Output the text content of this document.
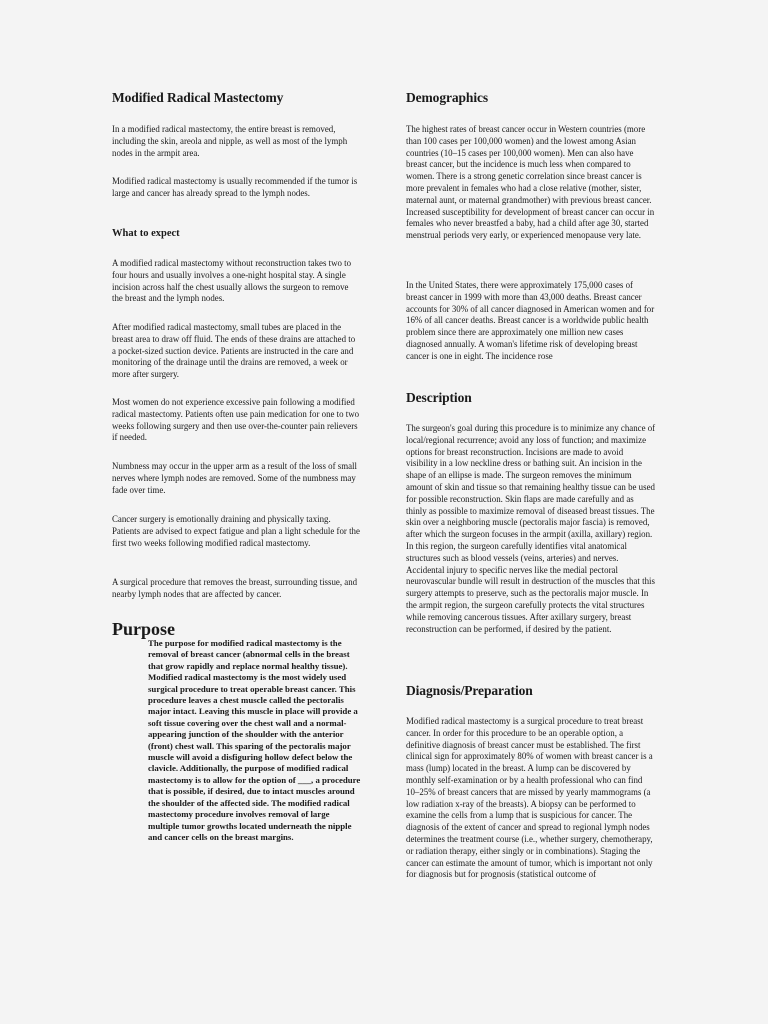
Modified Radical Mastectomy

In a modified radical mastectomy, the entire breast is removed, including the skin, areola and nipple, as well as most of the lymph nodes in the armpit area.

Modified radical mastectomy is usually recommended if the tumor is large and cancer has already spread to the lymph nodes.

What to expect

A modified radical mastectomy without reconstruction takes two to four hours and usually involves a one-night hospital stay. A single incision across half the chest usually allows the surgeon to remove the breast and the lymph nodes.

After modified radical mastectomy, small tubes are placed in the breast area to draw off fluid. The ends of these drains are attached to a pocket-sized suction device. Patients are instructed in the care and monitoring of the drainage until the drains are removed, a week or more after surgery.

Most women do not experience excessive pain following a modified radical mastectomy. Patients often use pain medication for one to two weeks following surgery and then use over-the-counter pain relievers if needed.

Numbness may occur in the upper arm as a result of the loss of small nerves where lymph nodes are removed. Some of the numbness may fade over time.

Cancer surgery is emotionally draining and physically taxing. Patients are advised to expect fatigue and plan a light schedule for the first two weeks following modified radical mastectomy.

A surgical procedure that removes the breast, surrounding tissue, and nearby lymph nodes that are affected by cancer.

Purpose

The purpose for modified radical mastectomy is the removal of breast cancer (abnormal cells in the breast that grow rapidly and replace normal healthy tissue). Modified radical mastectomy is the most widely used surgical procedure to treat operable breast cancer. This procedure leaves a chest muscle called the pectoralis major intact. Leaving this muscle in place will provide a soft tissue covering over the chest wall and a normal-appearing junction of the shoulder with the anterior (front) chest wall. This sparing of the pectoralis major muscle will avoid a disfiguring hollow defect below the clavicle. Additionally, the purpose of modified radical mastectomy is to allow for the option of ___, a procedure that is possible, if desired, due to intact muscles around the shoulder of the affected side. The modified radical mastectomy procedure involves removal of large multiple tumor growths located underneath the nipple and cancer cells on the breast margins.

Demographics

The highest rates of breast cancer occur in Western countries (more than 100 cases per 100,000 women) and the lowest among Asian countries (10–15 cases per 100,000 women). Men can also have breast cancer, but the incidence is much less when compared to women. There is a strong genetic correlation since breast cancer is more prevalent in females who had a close relative (mother, sister, maternal aunt, or maternal grandmother) with previous breast cancer. Increased susceptibility for development of breast cancer can occur in females who never breastfed a baby, had a child after age 30, started menstrual periods very early, or experienced menopause very late.

In the United States, there were approximately 175,000 cases of breast cancer in 1999 with more than 43,000 deaths. Breast cancer accounts for 30% of all cancer diagnosed in American women and for 16% of all cancer deaths. Breast cancer is a worldwide public health problem since there are approximately one million new cases diagnosed annually. A woman's lifetime risk of developing breast cancer is one in eight. The incidence rose

Description

The surgeon's goal during this procedure is to minimize any chance of local/regional recurrence; avoid any loss of function; and maximize options for breast reconstruction. Incisions are made to avoid visibility in a low neckline dress or bathing suit. An incision in the shape of an ellipse is made. The surgeon removes the minimum amount of skin and tissue so that remaining healthy tissue can be used for possible reconstruction. Skin flaps are made carefully and as thinly as possible to maximize removal of diseased breast tissues. The skin over a neighboring muscle (pectoralis major fascia) is removed, after which the surgeon focuses in the armpit (axilla, axillary) region. In this region, the surgeon carefully identifies vital anatomical structures such as blood vessels (veins, arteries) and nerves. Accidental injury to specific nerves like the medial pectoral neurovascular bundle will result in destruction of the muscles that this surgery attempts to preserve, such as the pectoralis major muscle. In the armpit region, the surgeon carefully protects the vital structures while removing cancerous tissues. After axillary surgery, breast reconstruction can be performed, if desired by the patient.

Diagnosis/Preparation

Modified radical mastectomy is a surgical procedure to treat breast cancer. In order for this procedure to be an operable option, a definitive diagnosis of breast cancer must be established. The first clinical sign for approximately 80% of women with breast cancer is a mass (lump) located in the breast. A lump can be discovered by monthly self-examination or by a health professional who can find 10–25% of breast cancers that are missed by yearly mammograms (a low radiation x-ray of the breasts). A biopsy can be performed to examine the cells from a lump that is suspicious for cancer. The diagnosis of the extent of cancer and spread to regional lymph nodes determines the treatment course (i.e., whether surgery, chemotherapy, or radiation therapy, either singly or in combinations). Staging the cancer can estimate the amount of tumor, which is important not only for diagnosis but for prognosis (statistical outcome of
